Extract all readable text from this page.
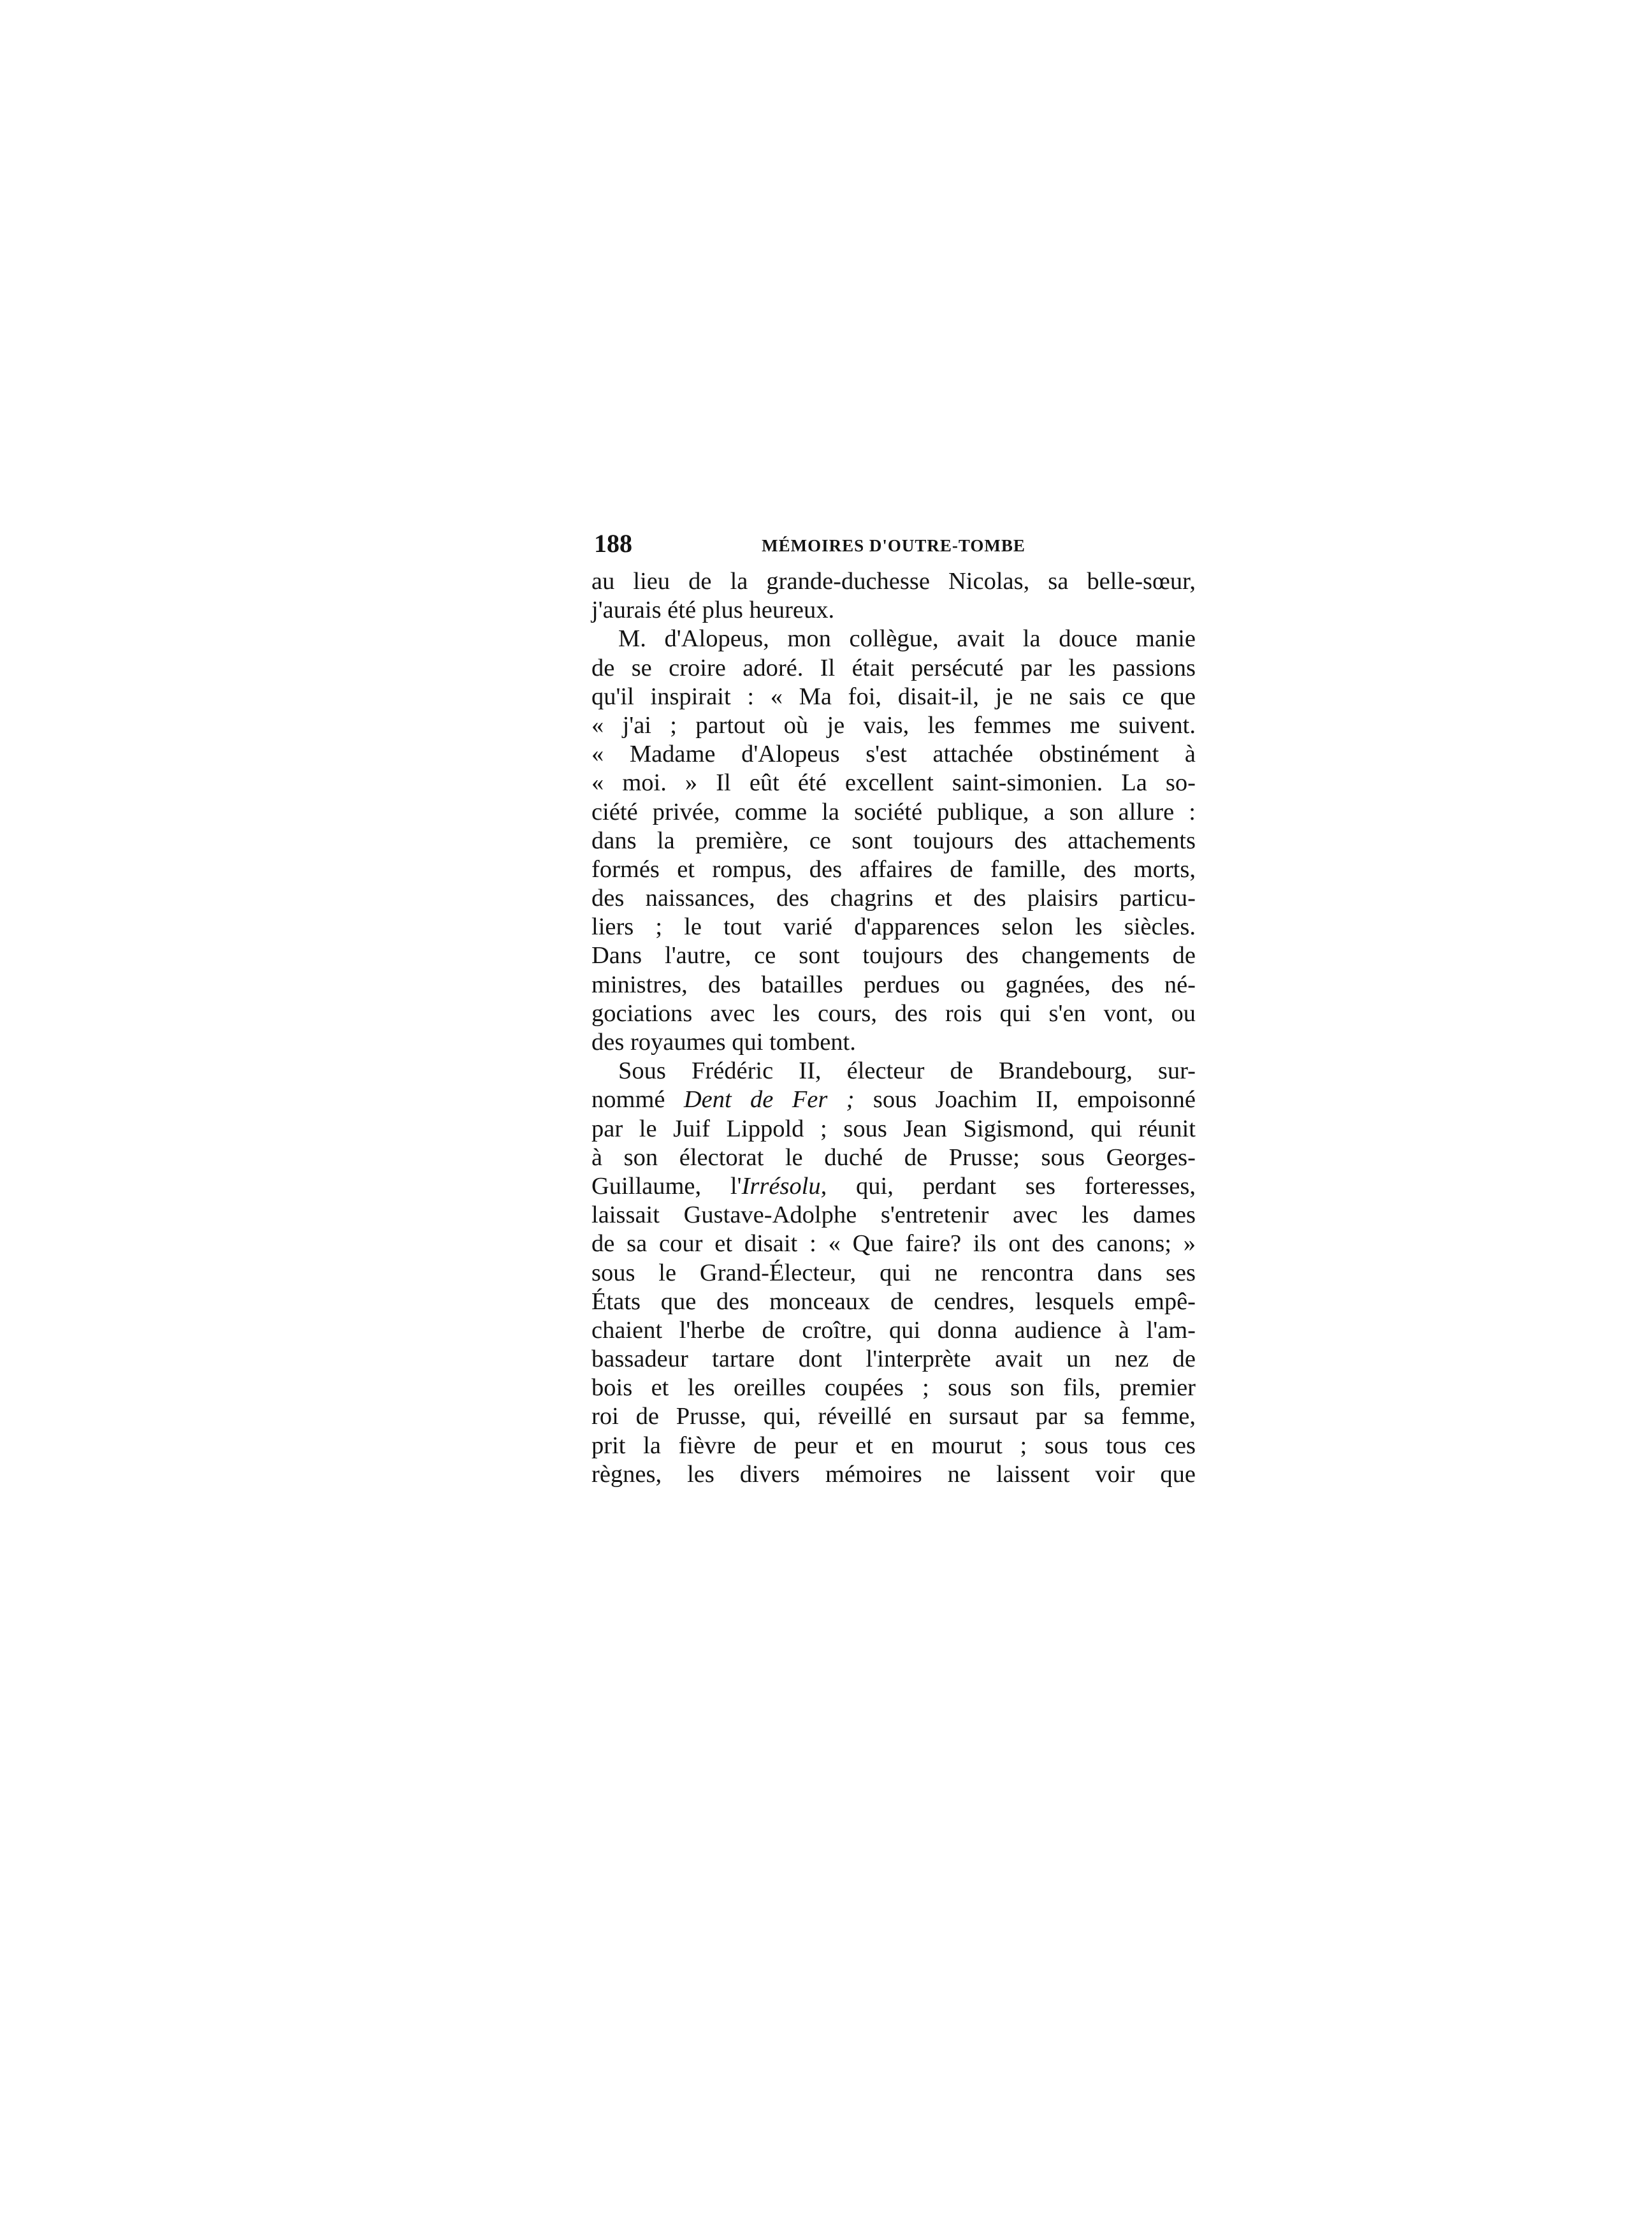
188	MÉMOIRES D'OUTRE-TOMBE
au lieu de la grande-duchesse Nicolas, sa belle-sœur,
j'aurais été plus heureux.
M. d'Alopeus, mon collègue, avait la douce manie
de se croire adoré. Il était persécuté par les passions
qu'il inspirait : « Ma foi, disait-il, je ne sais ce que
« j'ai ; partout où je vais, les femmes me suivent.
« Madame d'Alopeus s'est attachée obstinément à
« moi. » Il eût été excellent saint-simonien. La so-
ciété privée, comme la société publique, a son allure :
dans la première, ce sont toujours des attachements
formés et rompus, des affaires de famille, des morts,
des naissances, des chagrins et des plaisirs particu-
liers ; le tout varié d'apparences selon les siècles.
Dans l'autre, ce sont toujours des changements de
ministres, des batailles perdues ou gagnées, des né-
gociations avec les cours, des rois qui s'en vont, ou
des royaumes qui tombent.
Sous Frédéric II, électeur de Brandebourg, sur-
nommé Dent de Fer ; sous Joachim II, empoisonné
par le Juif Lippold ; sous Jean Sigismond, qui réunit
à son électorat le duché de Prusse; sous Georges-
Guillaume, l'Irrésolu, qui, perdant ses forteresses,
laissait Gustave-Adolphe s'entretenir avec les dames
de sa cour et disait : « Que faire? ils ont des canons; »
sous le Grand-Électeur, qui ne rencontra dans ses
États que des monceaux de cendres, lesquels empê-
chaient l'herbe de croître, qui donna audience à l'am-
bassadeur tartare dont l'interprète avait un nez de
bois et les oreilles coupées ; sous son fils, premier
roi de Prusse, qui, réveillé en sursaut par sa femme,
prit la fièvre de peur et en mourut ; sous tous ces
règnes, les divers mémoires ne laissent voir que
